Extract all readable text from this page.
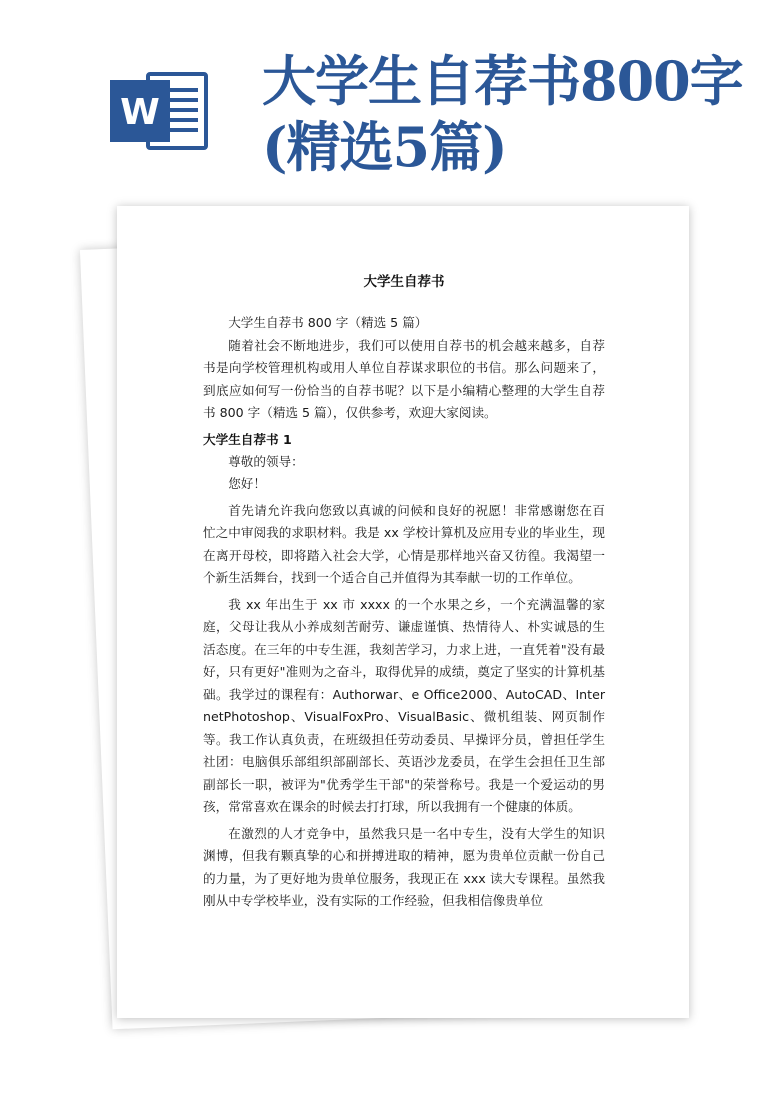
W 大学生自荐书800字(精选5篇)
大学生自荐书

大学生自荐书 800 字（精选 5 篇）

随着社会不断地进步，我们可以使用自荐书的机会越来越多，自荐书是向学校管理机构或用人单位自荐谋求职位的书信。那么问题来了，到底应如何写一份恰当的自荐书呢？以下是小编精心整理的大学生自荐书 800 字（精选 5 篇），仅供参考，欢迎大家阅读。

大学生自荐书 1

尊敬的领导：

您好！

首先请允许我向您致以真诚的问候和良好的祝愿！非常感谢您在百忙之中审阅我的求职材料。我是 xx 学校计算机及应用专业的毕业生，现在离开母校，即将踏入社会大学，心情是那样地兴奋又彷徨。我渴望一个新生活舞台，找到一个适合自己并值得为其奉献一切的工作单位。

我 xx 年出生于 xx 市 xxxx 的一个水果之乡，一个充满温馨的家庭，父母让我从小养成刻苦耐劳、谦虚谨慎、热情待人、朴实诚恳的生活态度。在三年的中专生涯，我刻苦学习，力求上进，一直凭着"没有最好，只有更好"准则为之奋斗，取得优异的成绩，奠定了坚实的计算机基础。我学过的课程有：Authorwar、e Office2000、AutoCAD、InternetPhotoshop、VisualFoxPro、VisualBasic、微机组装、网页制作等。我工作认真负责，在班级担任劳动委员、早操评分员，曾担任学生社团：电脑俱乐部组织部副部长、英语沙龙委员，在学生会担任卫生部副部长一职，被评为"优秀学生干部"的荣誉称号。我是一个爱运动的男孩，常常喜欢在课余的时候去打打球，所以我拥有一个健康的体质。

在激烈的人才竞争中，虽然我只是一名中专生，没有大学生的知识渊博，但我有颗真挚的心和拼搏进取的精神，愿为贵单位贡献一份自己的力量，为了更好地为贵单位服务，我现正在 xxx 读大专课程。虽然我刚从中专学校毕业，没有实际的工作经验，但我相信像贵单位
